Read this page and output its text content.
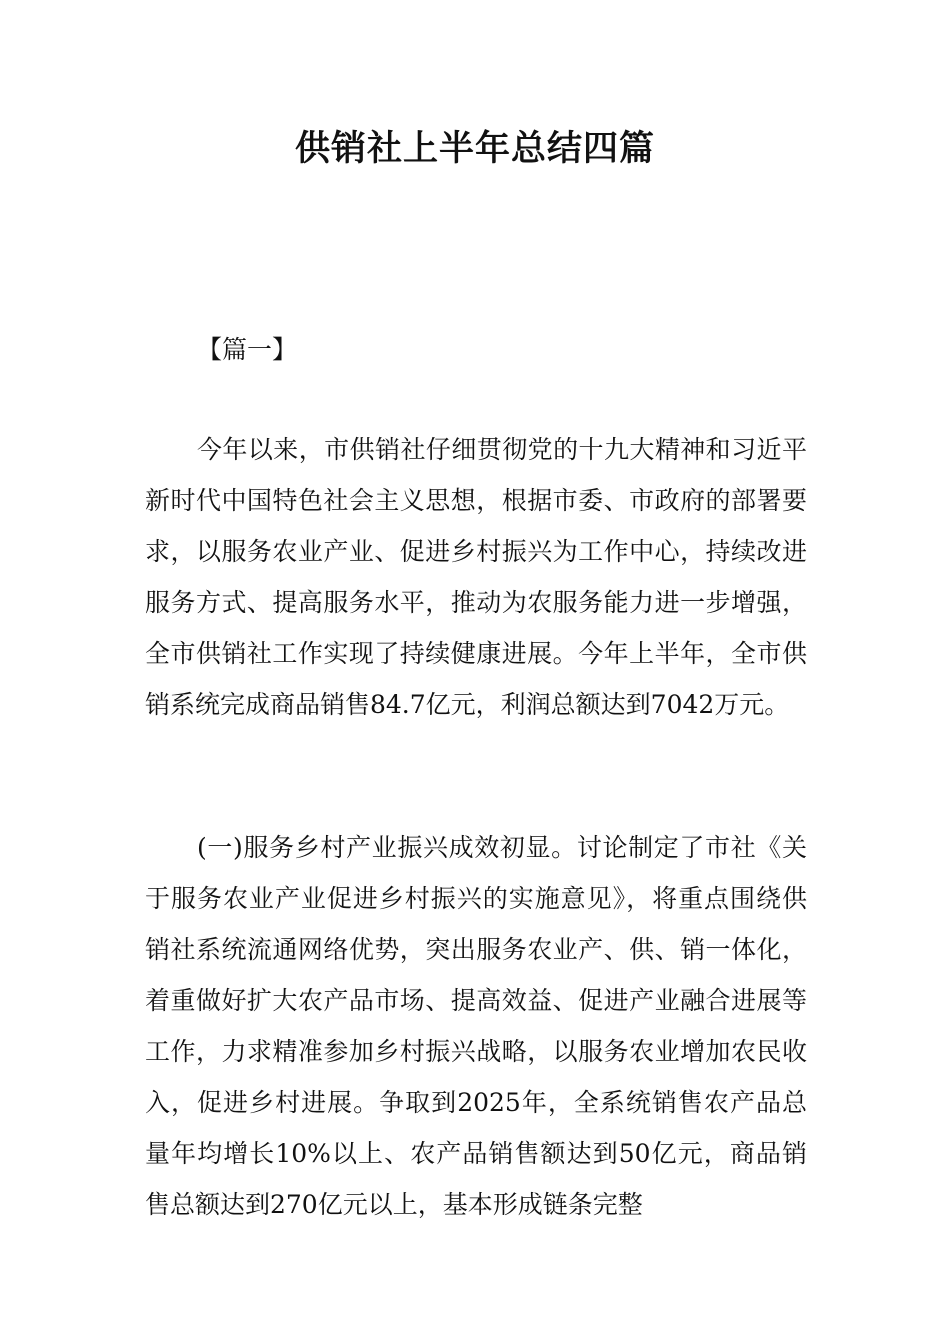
供销社上半年总结四篇

【篇一】

今年以来，市供销社仔细贯彻党的十九大精神和习近平新时代中国特色社会主义思想，根据市委、市政府的部署要求，以服务农业产业、促进乡村振兴为工作中心，持续改进服务方式、提高服务水平，推动为农服务能力进一步增强，全市供销社工作实现了持续健康进展。今年上半年，全市供销系统完成商品销售84.7亿元，利润总额达到7042万元。

(一)服务乡村产业振兴成效初显。讨论制定了市社《关于服务农业产业促进乡村振兴的实施意见》，将重点围绕供销社系统流通网络优势，突出服务农业产、供、销一体化，着重做好扩大农产品市场、提高效益、促进产业融合进展等工作，力求精准参加乡村振兴战略，以服务农业增加农民收入，促进乡村进展。争取到2025年，全系统销售农产品总量年均增长10%以上、农产品销售额达到50亿元，商品销售总额达到270亿元以上，基本形成链条完整
